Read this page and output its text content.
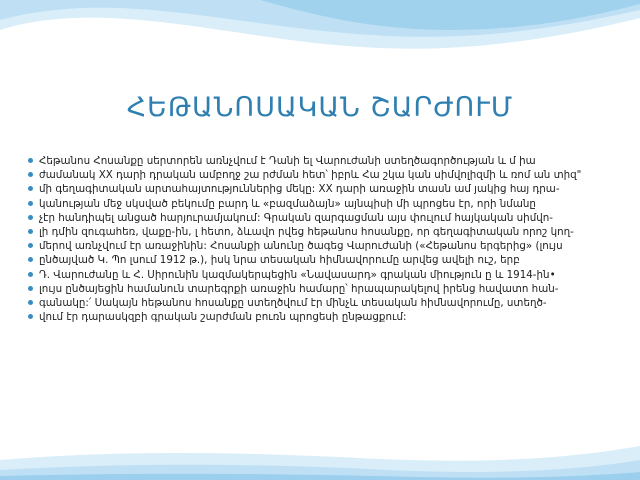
ՀԵԹԱՆՈՍԱԿԱՆ ՇԱՐԺՈՒՄ
Հեթանոս Հոսանքը սերտորեն առնչվում է Դանի ել Վարուժանի ստեղծագործության և մ իա
ժամանակ XX դարի դրական ամբողջ շա րժման հետ՝ իբրև Հա շկա կան սիմվոլիզմի և ռոմ ան տիզ"
մի գեղագիտական արտահայտություններից մեկը: XX դարի առաջին տասն ամ յակից հայ դրա-
կանության մեջ սկսված բեկումը բարդ և «բազմաձայն» այնպիսի մի պրոցես էր, որի նմանը
չէր հանդիպել անցած հարյուրամյակում: Գրական զարգացման այս փուլում հայկական սիմվո-
լի դմին զուգահեռ, վաքը-ին, լ հետո, ձևավո րվեց հեթանոս հոսանքը, որ գեղագիտական որոշ կող-
մերով առնչվում էր առաջինին: Հոսանքի անունը ծագեց Վարուժանի («Հեթանոս երգերից» (լույս
ընծայված Կ. Պո լսում 1912 թ.), իսկ նրա տեսական հիմնավորումը արվեց ավելի ուշ, երբ
Դ. Վարուժանը և Հ. Սիրունին կազմակերպեցին «Նավասարդ» գրական միություն ը և 1914-ին•
լույս ընծայեցին համանուն տարեգրքի առաջին համարը՝ հրապարակելով իրենց հավատո հան-
գանակը:՛ Սակայն հեթանոս հոսանքը ստեղծվում էր մինչև տեսական հիմնավորումը, ստեղծ-
վում էր դարասկզբի գրական շարժման բուռն պրոցեսի ընթացքում:
